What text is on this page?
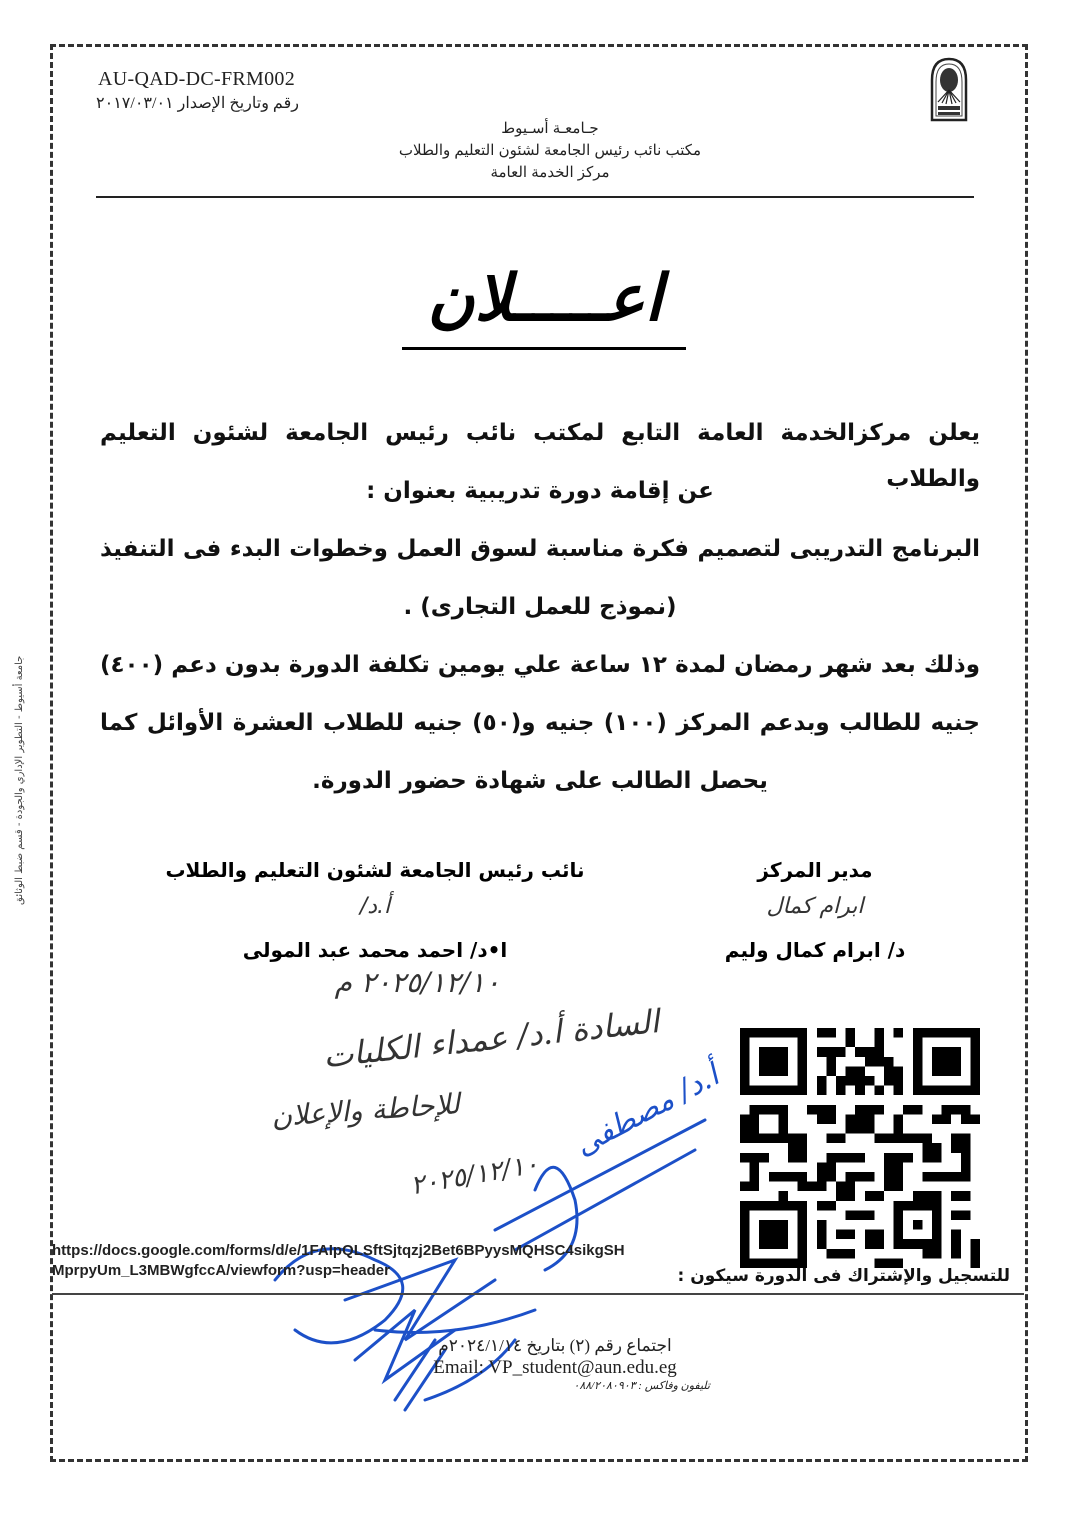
جامعة أسيوط - التطوير الإداري والجودة - قسم ضبط الوثائق
AU-QAD-DC-FRM002
رقم وتاريخ الإصدار ٢٠١٧/٠٣/٠١
جـامعـة أسـيوط
مكتب نائب رئيس الجامعة لشئون التعليم والطلاب
مركز الخدمة العامة
اعـــــلان

يعلن مركزالخدمة العامة التابع لمكتب نائب رئيس الجامعة لشئون التعليم والطلاب

عن إقامة دورة تدريبية بعنوان :

البرنامج التدريبى لتصميم فكرة مناسبة لسوق العمل وخطوات البدء فى التنفيذ

(نموذج للعمل التجارى) .

وذلك بعد شهر رمضان لمدة ١٢ ساعة علي يومين تكلفة الدورة بدون دعم (٤٠٠)

جنيه للطالب وبدعم المركز (١٠٠) جنيه و(٥٠) جنيه للطلاب العشرة الأوائل كما

يحصل الطالب على شهادة حضور الدورة.

نائب رئيس الجامعة لشئون التعليم والطلاب
أ.د/
ا•د/ احمد محمد عبد المولى
مدير المركز
ابرام كمال
د/ ابرام كمال وليم
٢٠٢٥/١٢/١٠ م
السادة أ.د/ عمداء الكليات
للإحاطة والإعلان
٢٠٢٥/١٢/١٠
أ.د/ مصطفى
https://docs.google.com/forms/d/e/1FAIpQLSftSjtqzj2Bet6BPyysMQHSC4sikgSHMprpyUm_L3MBWgfccA/viewform?usp=header	للتسجيل والإشتراك فى الدورة سيكون :
اجتماع رقم (٢) بتاريخ ٢٠٢٤/١/١٤م
Email: VP_student@aun.edu.eg
تليفون وفاكس : ٠٨٨/٢٠٨٠٩٠٣
